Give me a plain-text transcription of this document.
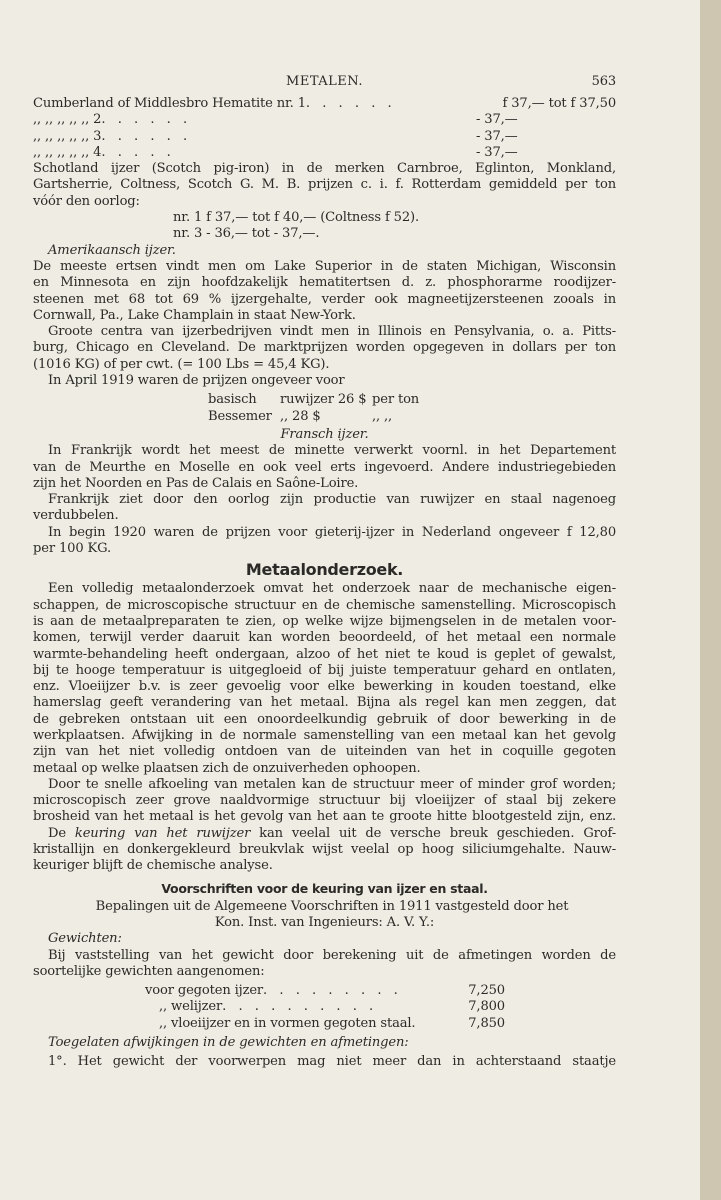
METALEN.	563
Cumberland of Middlesbro Hematite nr. 1 . . . . . .	f 37,— tot f 37,50
,, ,, ,, ,, ,, 2 . . . . . .	- 37,—
,, ,, ,, ,, ,, 3 . . . . . .	- 37,—
,, ,, ,, ,, ,, 4 . . . . .	- 37,—
Schotland ijzer (Scotch pig-iron) in de merken Carnbroe, Eglinton, Monkland,
Gartsherrie, Coltness, Scotch G. M. B. prijzen c. i. f. Rotterdam gemiddeld per ton
vóór den oorlog:
nr. 1 f 37,— tot f 40,— (Coltness f 52).
nr. 3 - 36,— tot - 37,—.
Amerikaansch ijzer.
De meeste ertsen vindt men om Lake Superior in de staten Michigan, Wisconsin
en Minnesota en zijn hoofdzakelijk hematitertsen d. z. phosphorarme roodijzer-
steenen met 68 tot 69 % ijzergehalte, verder ook magneetijzersteenen zooals in
Cornwall, Pa., Lake Champlain in staat New-York.
Groote centra van ijzerbedrijven vindt men in Illinois en Pensylvania, o. a. Pitts-
burg, Chicago en Cleveland. De marktprijzen worden opgegeven in dollars per ton
(1016 KG) of per cwt. (= 100 Lbs = 45,4 KG).
In April 1919 waren de prijzen ongeveer voor
basisch ruwijzer 26 $ per ton
Bessemer ,, 28 $	,, ,,
Fransch ijzer.
In Frankrijk wordt het meest de minette verwerkt voornl. in het Departement
van de Meurthe en Moselle en ook veel erts ingevoerd. Andere industriegebieden
zijn het Noorden en Pas de Calais en Saône-Loire.
Frankrijk ziet door den oorlog zijn productie van ruwijzer en staal nagenoeg
verdubbelen.
In begin 1920 waren de prijzen voor gieterij-ijzer in Nederland ongeveer f 12,80
per 100 KG.
Metaalonderzoek.
Een volledig metaalonderzoek omvat het onderzoek naar de mechanische eigen-
schappen, de microscopische structuur en de chemische samenstelling. Microscopisch
is aan de metaalpreparaten te zien, op welke wijze bijmengselen in de metalen voor-
komen, terwijl verder daaruit kan worden beoordeeld, of het metaal een normale
warmte-behandeling heeft ondergaan, alzoo of het niet te koud is geplet of gewalst,
bij te hooge temperatuur is uitgegloeid of bij juiste temperatuur gehard en ontlaten,
enz. Vloeiijzer b.v. is zeer gevoelig voor elke bewerking in kouden toestand, elke
hamerslag geeft verandering van het metaal. Bijna als regel kan men zeggen, dat
de gebreken ontstaan uit een onoordeelkundig gebruik of door bewerking in de
werkplaatsen. Afwijking in de normale samenstelling van een metaal kan het gevolg
zijn van het niet volledig ontdoen van de uiteinden van het in coquille gegoten
metaal op welke plaatsen zich de onzuiverheden ophoopen.
Door te snelle afkoeling van metalen kan de structuur meer of minder grof worden;
microscopisch zeer grove naaldvormige structuur bij vloeiijzer of staal bij zekere
brosheid van het metaal is het gevolg van het aan te groote hitte blootgesteld zijn, enz.
De keuring van het ruwijzer kan veelal uit de versche breuk geschieden. Grof-
kristallijn en donkergekleurd breukvlak wijst veelal op hoog siliciumgehalte. Nauw-
keuriger blijft de chemische analyse.
Voorschriften voor de keuring van ijzer en staal.
Bepalingen uit de Algemeene Voorschriften in 1911 vastgesteld door het
Kon. Inst. van Ingenieurs: A. V. Y.:
Gewichten:
Bij vaststelling van het gewicht door berekening uit de afmetingen worden de
soortelijke gewichten aangenomen:
voor gegoten ijzer . . . . . . . . .	7,250
,, welijzer . . . . . . . . . .	7,800
,, vloeiijzer en in vormen gegoten staal .	7,850
Toegelaten afwijkingen in de gewichten en afmetingen:
1°. Het gewicht der voorwerpen mag niet meer dan in achterstaand staatje
